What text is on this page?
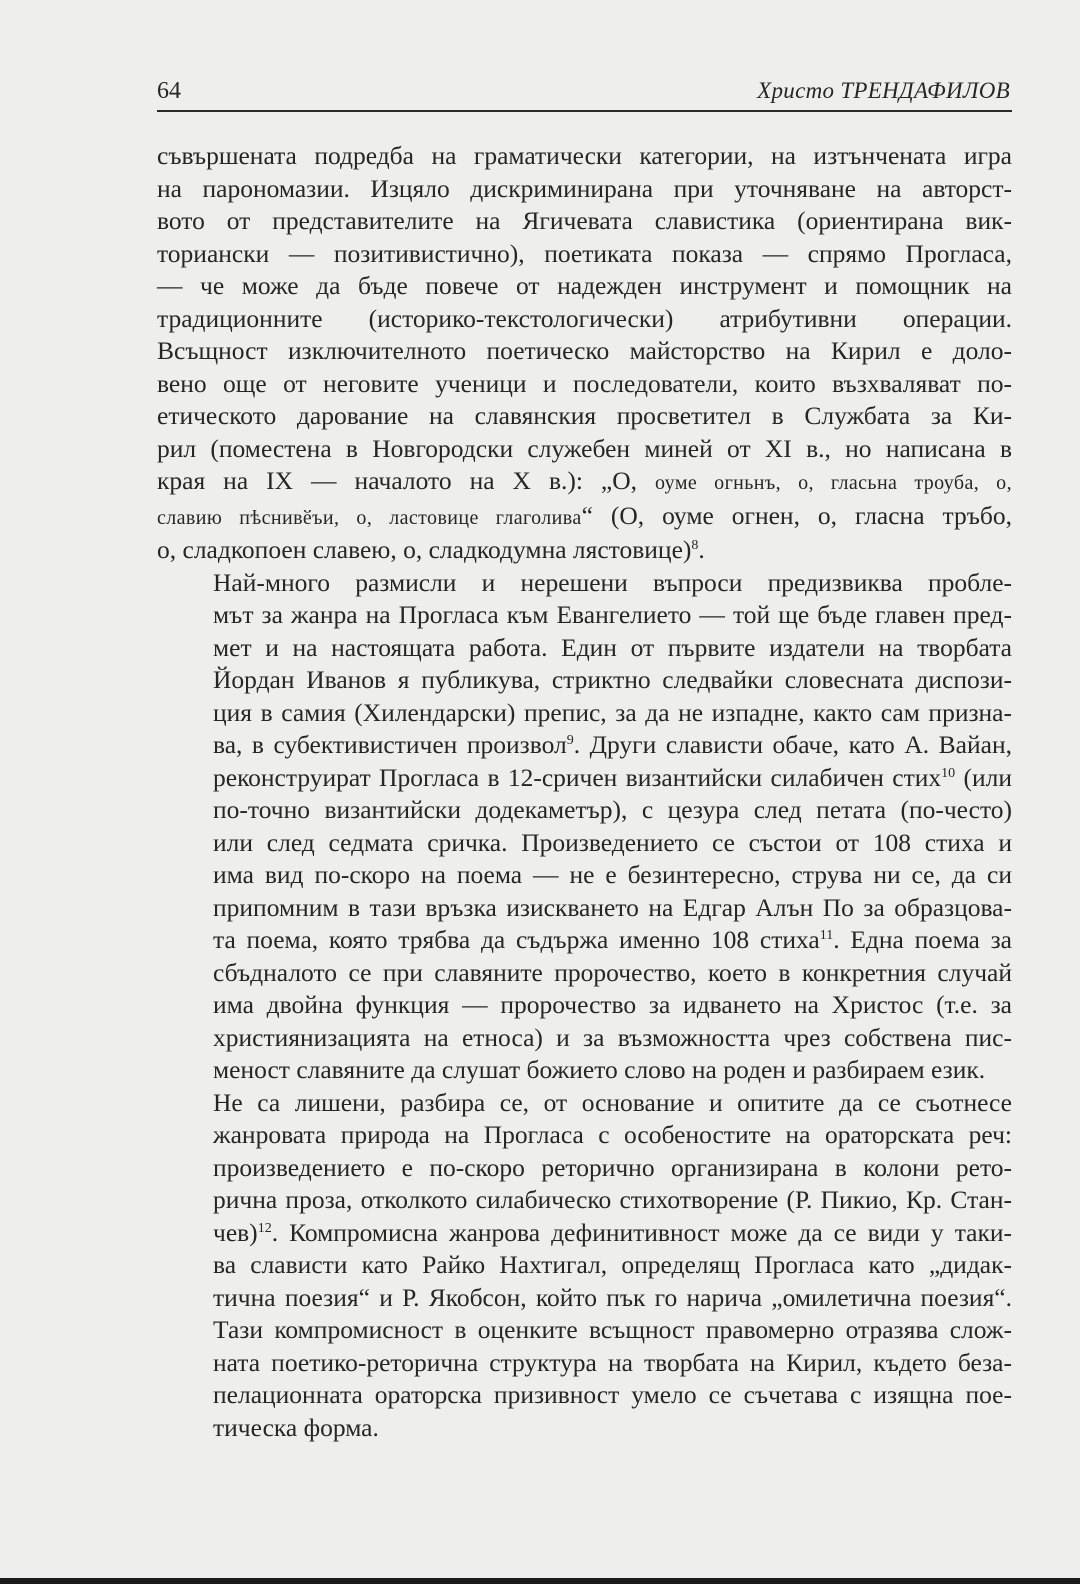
64	Христо ТРЕНДАФИЛОВ

съвършената подредба на граматически категории, на изтънчената игра
на парономазии. Изцяло дискриминирана при уточняване на авторст-
вото от представителите на Ягичевата славистика (ориентирана вик-
ториански — позитивистично), поетиката показа — спрямо Прогласа,
— че може да бъде повече от надежден инструмент и помощник на
традиционните (историко-текстологически) атрибутивни операции.
Всъщност изключителното поетическо майсторство на Кирил е доло-
вено още от неговите ученици и последователи, които възхваляват по-
етическото дарование на славянския просветител в Службата за Ки-
рил (поместена в Новгородски служебен миней от XI в., но написана в
края на IX — началото на X в.): „О, оуме огньнъ, о, гласьна троуба, о,
славию пѣснивӗъи, о, ластовице глаголива“ (О, оуме огнен, о, гласна тръбо,
о, сладкопоен славею, о, сладкодумна лястовице)$^8$.

Най-много размисли и нерешени въпроси предизвиква пробле-
мът за жанра на Прогласа към Евангелието — той ще бъде главен пред-
мет и на настоящата работа. Един от първите издатели на творбата
Йордан Иванов я публикува, стриктно следвайки словесната диспози-
ция в самия (Хилендарски) препис, за да не изпадне, както сам призна-
ва, в субективистичен произвол$^9$. Други слависти обаче, като А. Вайан,
реконструират Прогласа в 12-сричен византийски силабичен стих$^{10}$ (или
по-точно византийски додекаметър), с цезура след петата (по-често)
или след седмата сричка. Произведението се състои от 108 стиха и
има вид по-скоро на поема — не е безинтересно, струва ни се, да си
припомним в тази връзка изискването на Едгар Алън По за образцова-
та поема, която трябва да съдържа именно 108 стиха$^{11}$. Една поема за
сбъдналото се при славяните пророчество, което в конкретния случай
има двойна функция — пророчество за идването на Христос (т.е. за
християнизацията на етноса) и за възможността чрез собствена пис-
меност славяните да слушат божието слово на роден и разбираем език.

Не са лишени, разбира се, от основание и опитите да се съотнесе
жанровата природа на Прогласа с особеностите на ораторската реч:
произведението е по-скоро реторично организирана в колони рето-
рична проза, отколкото силабическо стихотворение (Р. Пикио, Кр. Стан-
чев)$^{12}$. Компромисна жанрова дефинитивност може да се види у таки-
ва слависти като Райко Нахтигал, определящ Прогласа като „дидак-
тична поезия“ и Р. Якобсон, който пък го нарича „омилетична поезия“.
Тази компромисност в оценките всъщност правомерно отразява слож-
ната поетико-реторична структура на творбата на Кирил, където беза-
пелационната ораторска призивност умело се съчетава с изящна пое-
тическа форма.
